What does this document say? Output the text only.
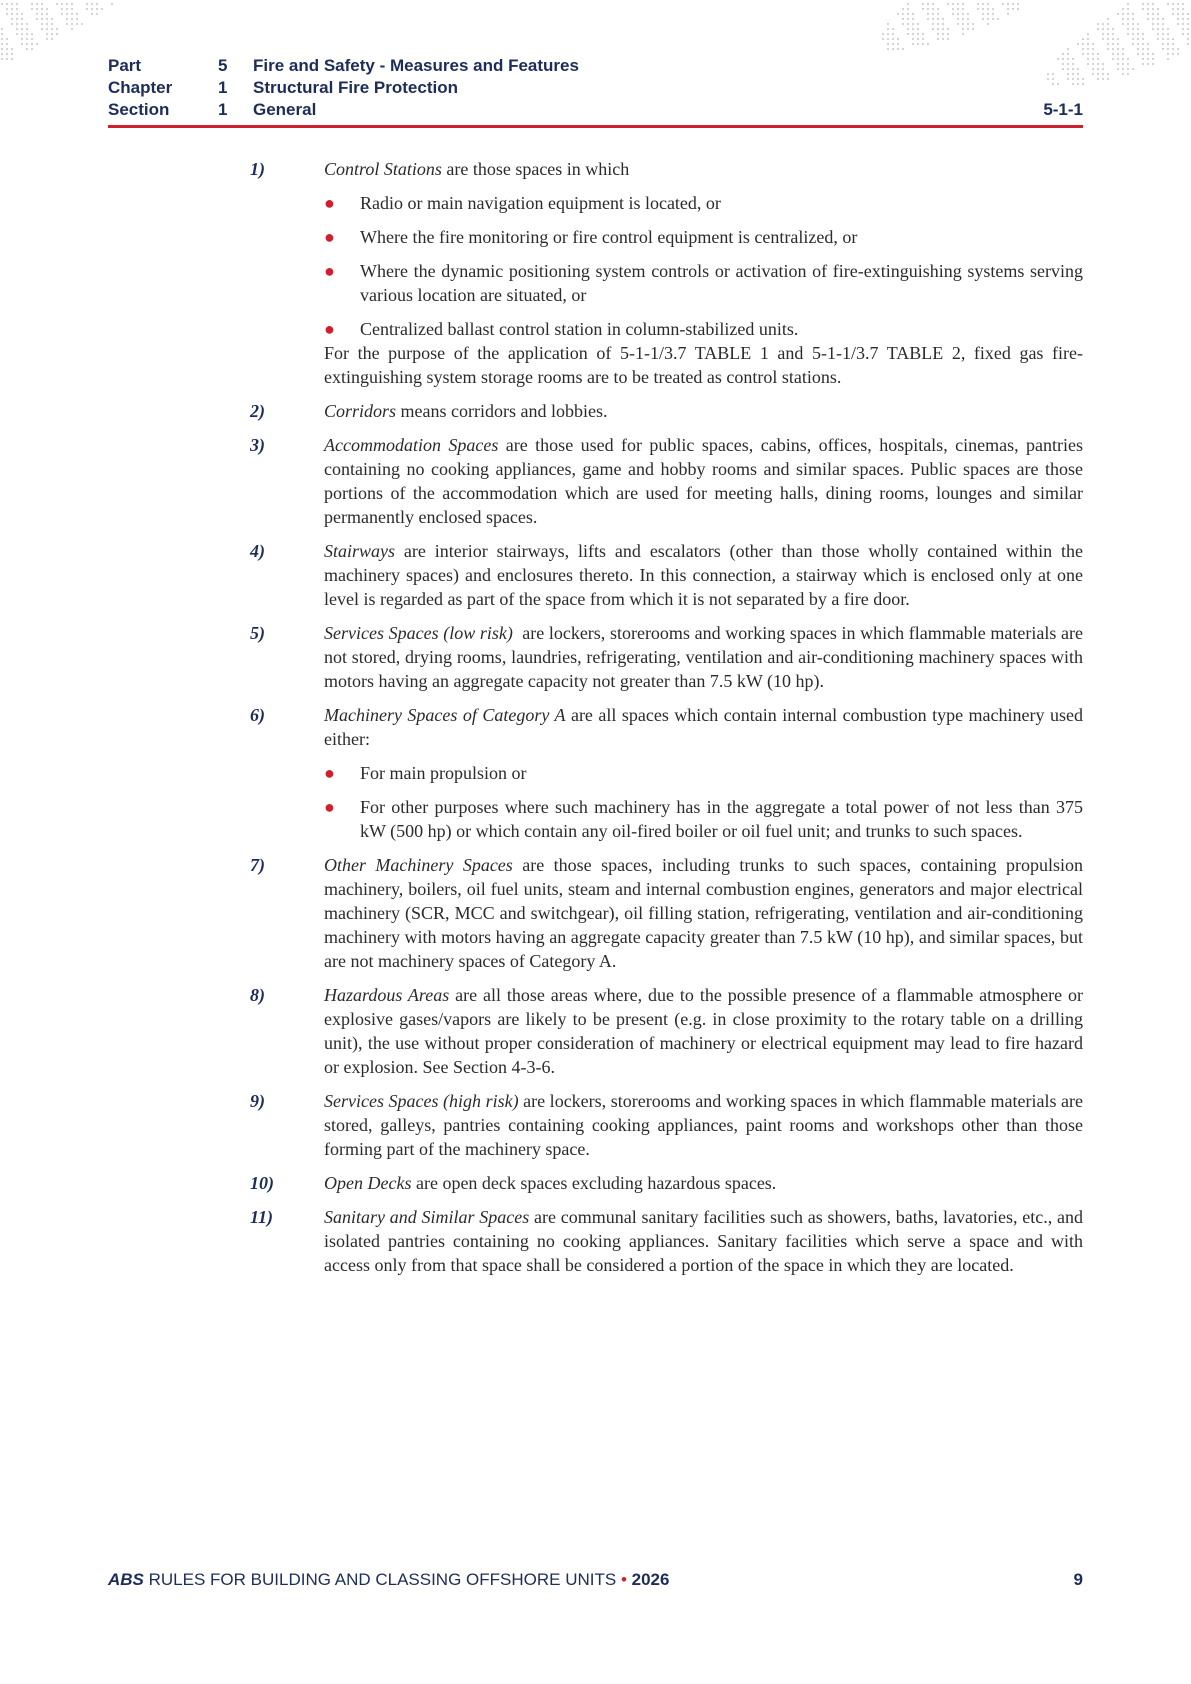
Part	5	Fire and Safety - Measures and Features
Chapter	1	Structural Fire Protection
Section	1	General	5-1-1
1)	Control Stations are those spaces in which
●	Radio or main navigation equipment is located, or
●	Where the fire monitoring or fire control equipment is centralized, or
●	Where the dynamic positioning system controls or activation of fire-extinguishing systems serving various location are situated, or
●	Centralized ballast control station in column-stabilized units.
For the purpose of the application of 5-1-1/3.7 TABLE 1 and 5-1-1/3.7 TABLE 2, fixed gas fire-extinguishing system storage rooms are to be treated as control stations.
2)	Corridors means corridors and lobbies.
3)	Accommodation Spaces are those used for public spaces, cabins, offices, hospitals, cinemas, pantries containing no cooking appliances, game and hobby rooms and similar spaces. Public spaces are those portions of the accommodation which are used for meeting halls, dining rooms, lounges and similar permanently enclosed spaces.
4)	Stairways are interior stairways, lifts and escalators (other than those wholly contained within the machinery spaces) and enclosures thereto. In this connection, a stairway which is enclosed only at one level is regarded as part of the space from which it is not separated by a fire door.
5)	Services Spaces (low risk)  are lockers, storerooms and working spaces in which flammable materials are not stored, drying rooms, laundries, refrigerating, ventilation and air-conditioning machinery spaces with motors having an aggregate capacity not greater than 7.5 kW (10 hp).
6)	Machinery Spaces of Category A are all spaces which contain internal combustion type machinery used either:
●	For main propulsion or
●	For other purposes where such machinery has in the aggregate a total power of not less than 375 kW (500 hp) or which contain any oil-fired boiler or oil fuel unit; and trunks to such spaces.
7)	Other Machinery Spaces are those spaces, including trunks to such spaces, containing propulsion machinery, boilers, oil fuel units, steam and internal combustion engines, generators and major electrical machinery (SCR, MCC and switchgear), oil filling station, refrigerating, ventilation and air-conditioning machinery with motors having an aggregate capacity greater than 7.5 kW (10 hp), and similar spaces, but are not machinery spaces of Category A.
8)	Hazardous Areas are all those areas where, due to the possible presence of a flammable atmosphere or explosive gases/vapors are likely to be present (e.g. in close proximity to the rotary table on a drilling unit), the use without proper consideration of machinery or electrical equipment may lead to fire hazard or explosion. See Section 4-3-6.
9)	Services Spaces (high risk) are lockers, storerooms and working spaces in which flammable materials are stored, galleys, pantries containing cooking appliances, paint rooms and workshops other than those forming part of the machinery space.
10)	Open Decks are open deck spaces excluding hazardous spaces.
11)	Sanitary and Similar Spaces are communal sanitary facilities such as showers, baths, lavatories, etc., and isolated pantries containing no cooking appliances. Sanitary facilities which serve a space and with access only from that space shall be considered a portion of the space in which they are located.
ABS RULES FOR BUILDING AND CLASSING OFFSHORE UNITS • 2026	9
